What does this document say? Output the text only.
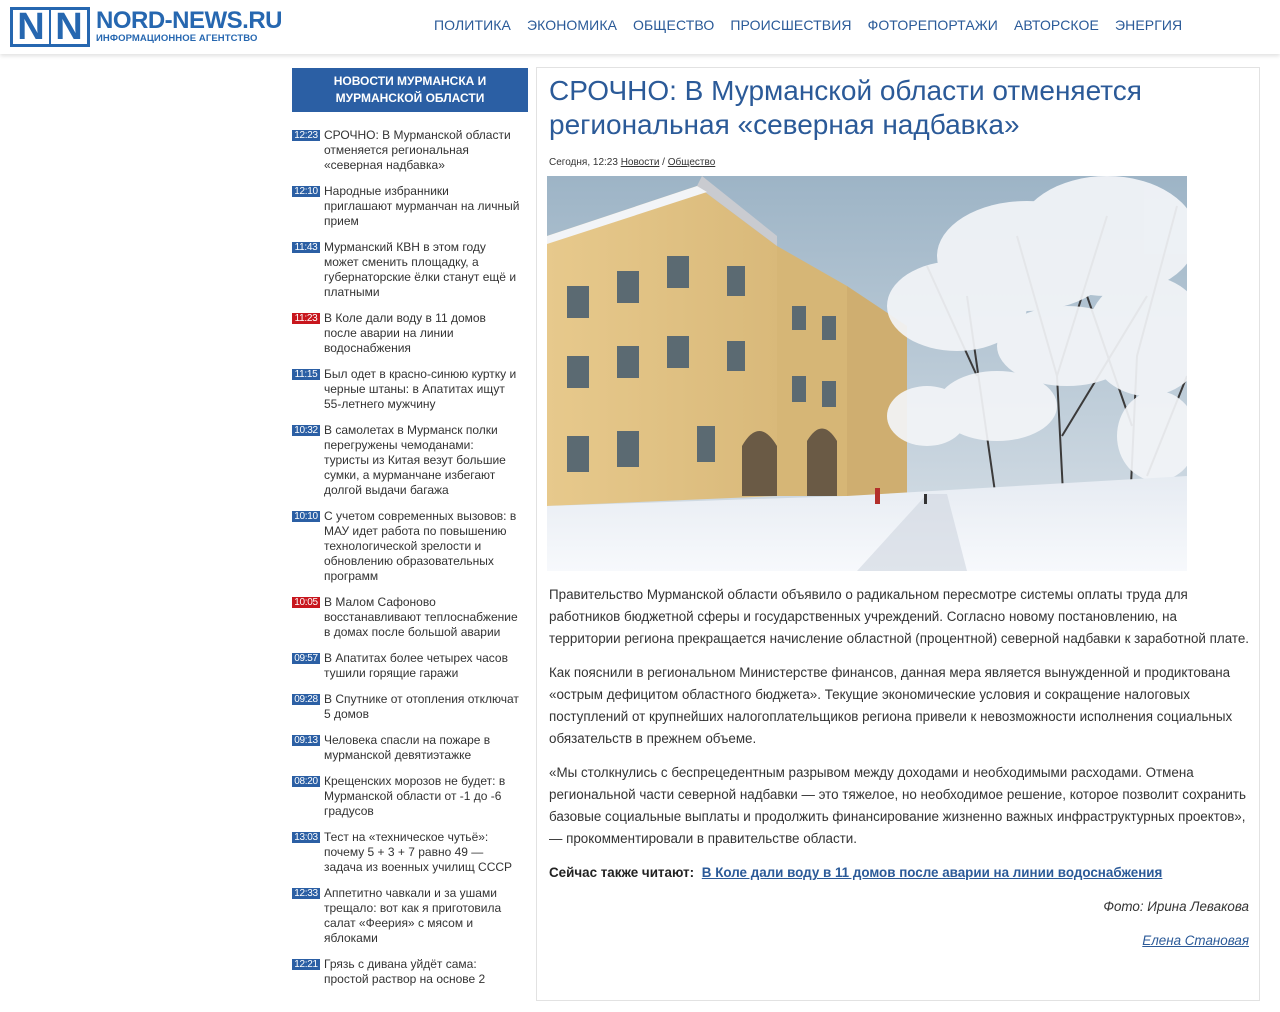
N N NORD-NEWS.RU
ИНФОРМАЦИОННОЕ АГЕНТСТВО
ПОЛИТИКА ЭКОНОМИКА ОБЩЕСТВО ПРОИСШЕСТВИЯ ФОТОРЕПОРТАЖИ АВТОРСКОЕ ЭНЕРГИЯ
НОВОСТИ МУРМАНСКА И МУРМАНСКОЙ ОБЛАСТИ
12:23 СРОЧНО: В Мурманской области отменяется региональная «северная надбавка»
12:10 Народные избранники приглашают мурманчан на личный прием
11:43 Мурманский КВН в этом году может сменить площадку, а губернаторские ёлки станут ещё и платными
11:23 В Коле дали воду в 11 домов после аварии на линии водоснабжения
11:15 Был одет в красно-синюю куртку и черные штаны: в Апатитах ищут 55-летнего мужчину
10:32 В самолетах в Мурманск полки перегружены чемоданами: туристы из Китая везут большие сумки, а мурманчане избегают долгой выдачи багажа
10:10 С учетом современных вызовов: в МАУ идет работа по повышению технологической зрелости и обновлению образовательных программ
10:05 В Малом Сафоново восстанавливают теплоснабжение в домах после большой аварии
09:57 В Апатитах более четырех часов тушили горящие гаражи
09:28 В Спутнике от отопления отключат 5 домов
09:13 Человека спасли на пожаре в мурманской девятиэтажке
08:20 Крещенских морозов не будет: в Мурманской области от -1 до -6 градусов
13:03 Тест на «техническое чутьё»: почему 5 + 3 + 7 равно 49 — задача из военных училищ СССР
12:33 Аппетитно чавкали и за ушами трещало: вот как я приготовила салат «Феерия» с мясом и яблоками
12:21 Грязь с дивана уйдёт сама: простой раствор на основе 2
СРОЧНО: В Мурманской области отменяется региональная «северная надбавка»
Сегодня, 12:23 Новости / Общество

Правительство Мурманской области объявило о радикальном пересмотре системы оплаты труда для работников бюджетной сферы и государственных учреждений. Согласно новому постановлению, на территории региона прекращается начисление областной (процентной) северной надбавки к заработной плате.

Как пояснили в региональном Министерстве финансов, данная мера является вынужденной и продиктована «острым дефицитом областного бюджета». Текущие экономические условия и сокращение налоговых поступлений от крупнейших налогоплательщиков региона привели к невозможности исполнения социальных обязательств в прежнем объеме.

«Мы столкнулись с беспрецедентным разрывом между доходами и необходимыми расходами. Отмена региональной части северной надбавки — это тяжелое, но необходимое решение, которое позволит сохранить базовые социальные выплаты и продолжить финансирование жизненно важных инфраструктурных проектов», — прокомментировали в правительстве области.

Сейчас также читают: В Коле дали воду в 11 домов после аварии на линии водоснабжения

Фото: Ирина Левакова
Елена Становая
